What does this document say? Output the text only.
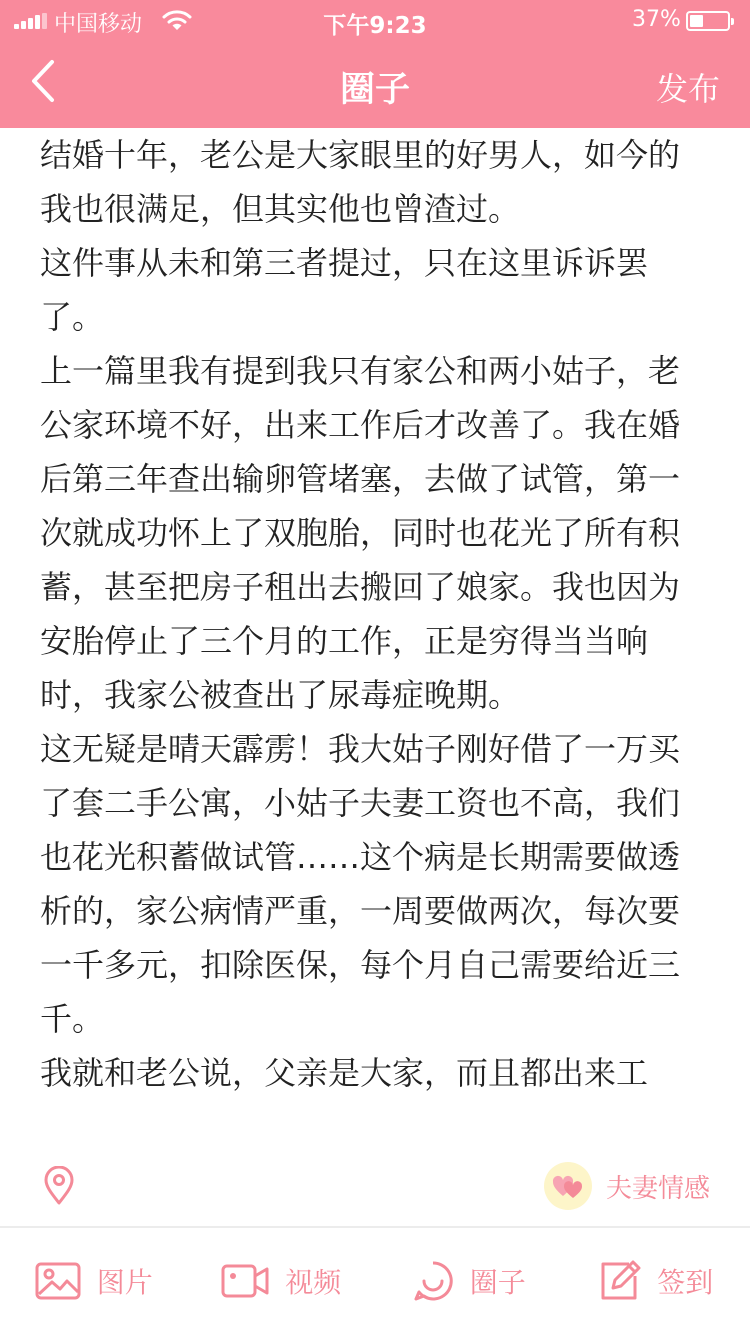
中国移动	下午9:23	37%
圈子	发布

结婚十年，老公是大家眼里的好男人，如今的我也很满足，但其实他也曾渣过。

这件事从未和第三者提过，只在这里诉诉罢了。

上一篇里我有提到我只有家公和两小姑子，老公家环境不好，出来工作后才改善了。我在婚后第三年查出输卵管堵塞，去做了试管，第一次就成功怀上了双胞胎，同时也花光了所有积蓄，甚至把房子租出去搬回了娘家。我也因为安胎停止了三个月的工作，正是穷得当当响时，我家公被查出了尿毒症晚期。

这无疑是晴天霹雳！我大姑子刚好借了一万买了套二手公寓，小姑子夫妻工资也不高，我们也花光积蓄做试管……这个病是长期需要做透析的，家公病情严重，一周要做两次，每次要一千多元，扣除医保，每个月自己需要给近三千。

我就和老公说，父亲是大家，而且都出来工

夫妻情感
图片	视频	圈子	签到
